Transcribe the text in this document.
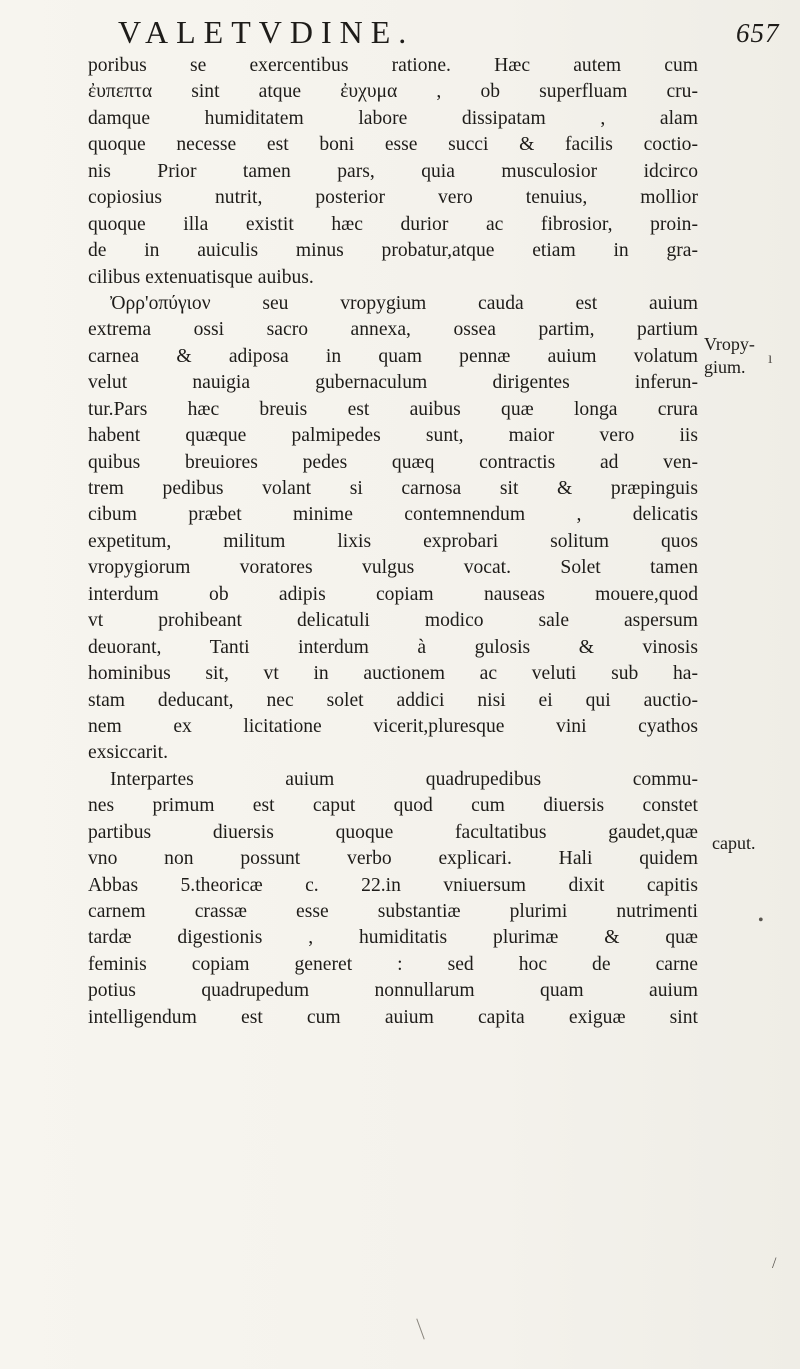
VALETVDINE.	657
poribus se exercentibus ratione. Hæc autem cum
ἐυπεπτα sint atque ἐυχυμα , ob superfluam cru-
damque humiditatem labore dissipatam , alam
quoque necesse est boni esse succi & facilis coctio-
nis Prior tamen pars, quia musculosior idcirco
copiosius nutrit, posterior vero tenuius, mollior
quoque illa existit hæc durior ac fibrosior, proin-
de in auiculis minus probatur,atque etiam in gra-
cilibus extenuatisque auibus.
Ὀρρ'οπύγιον seu vropygium cauda est auium
extrema ossi sacro annexa, ossea partim, partium
carnea & adiposa in quam pennæ auium volatum
velut nauigia gubernaculum dirigentes inferun-
tur.Pars hæc breuis est auibus quæ longa crura
habent quæque palmipedes sunt, maior vero iis
quibus breuiores pedes quæq contractis ad ven-
trem pedibus volant si carnosa sit & præpinguis
cibum præbet minime contemnendum , delicatis
expetitum, militum lixis exprobari solitum quos
vropygiorum voratores vulgus vocat. Solet tamen
interdum ob adipis copiam nauseas mouere,quod
vt prohibeant delicatuli modico sale aspersum
deuorant, Tanti interdum à gulosis & vinosis
hominibus sit, vt in auctionem ac veluti sub ha-
stam deducant, nec solet addici nisi ei qui auctio-
nem ex licitatione vicerit,pluresque vini cyathos
exsiccarit.
Interpartes auium quadrupedibus commu-
nes primum est caput quod cum diuersis constet
partibus diuersis quoque facultatibus gaudet,quæ
vno non possunt verbo explicari. Hali quidem
Abbas 5.theoricæ c. 22.in vniuersum dixit capitis
carnem crassæ esse substantiæ plurimi nutrimenti
tardæ digestionis , humiditatis plurimæ & quæ
feminis copiam generet : sed hoc de carne
potius quadrupedum nonnullarum quam auium
intelligendum est cum auium capita exiguæ sint
Vropy-
gium.
caput.
ı
•
/
